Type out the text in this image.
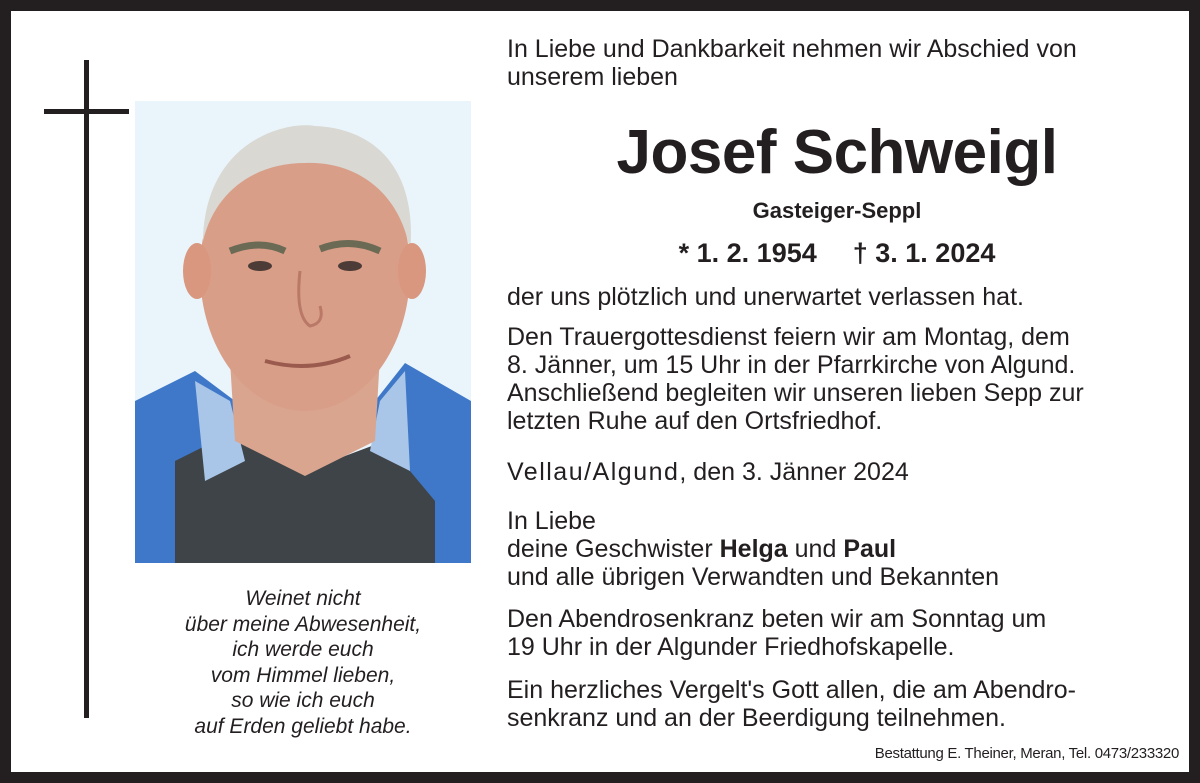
Weinet nicht
über meine Abwesenheit,
ich werde euch
vom Himmel lieben,
so wie ich euch
auf Erden geliebt habe.
In Liebe und Dankbarkeit nehmen wir Abschied von
unserem lieben
Josef Schweigl
Gasteiger-Seppl
* 1. 2. 1954 † 3. 1. 2024
der uns plötzlich und unerwartet verlassen hat.
Den Trauergottesdienst feiern wir am Montag, dem
8. Jänner, um 15 Uhr in der Pfarrkirche von Algund.
Anschließend begleiten wir unseren lieben Sepp zur
letzten Ruhe auf den Ortsfriedhof.
Vellau/Algund, den 3. Jänner 2024
In Liebe
deine Geschwister Helga und Paul
und alle übrigen Verwandten und Bekannten
Den Abendrosenkranz beten wir am Sonntag um
19 Uhr in der Algunder Friedhofskapelle.
Ein herzliches Vergelt's Gott allen, die am Abendro-
senkranz und an der Beerdigung teilnehmen.
Bestattung E. Theiner, Meran, Tel. 0473/233320
